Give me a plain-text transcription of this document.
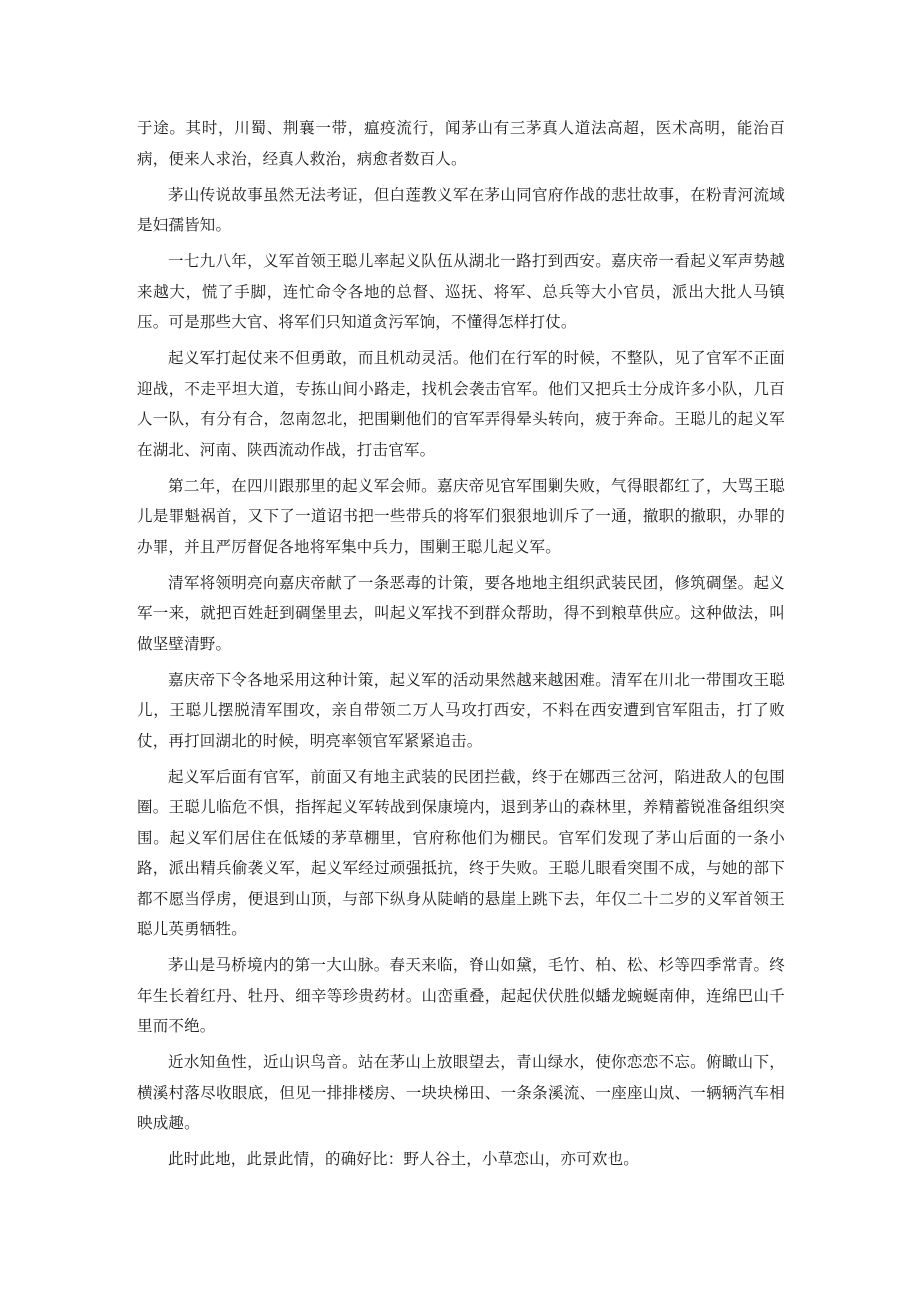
于途。其时，川蜀、荆襄一带，瘟疫流行，闻茅山有三茅真人道法高超，医术高明，能治百病，便来人求治，经真人救治，病愈者数百人。

茅山传说故事虽然无法考证，但白莲教义军在茅山同官府作战的悲壮故事，在粉青河流域是妇孺皆知。

一七九八年，义军首领王聪儿率起义队伍从湖北一路打到西安。嘉庆帝一看起义军声势越来越大，慌了手脚，连忙命令各地的总督、巡抚、将军、总兵等大小官员，派出大批人马镇压。可是那些大官、将军们只知道贪污军饷，不懂得怎样打仗。

起义军打起仗来不但勇敢，而且机动灵活。他们在行军的时候，不整队，见了官军不正面迎战，不走平坦大道，专拣山间小路走，找机会袭击官军。他们又把兵士分成许多小队，几百人一队，有分有合，忽南忽北，把围剿他们的官军弄得晕头转向，疲于奔命。王聪儿的起义军在湖北、河南、陕西流动作战，打击官军。

第二年，在四川跟那里的起义军会师。嘉庆帝见官军围剿失败，气得眼都红了，大骂王聪儿是罪魁祸首，又下了一道诏书把一些带兵的将军们狠狠地训斥了一通，撤职的撤职，办罪的办罪，并且严厉督促各地将军集中兵力，围剿王聪儿起义军。

清军将领明亮向嘉庆帝献了一条恶毒的计策，要各地地主组织武装民团，修筑碉堡。起义军一来，就把百姓赶到碉堡里去，叫起义军找不到群众帮助，得不到粮草供应。这种做法，叫做坚壁清野。

嘉庆帝下令各地采用这种计策，起义军的活动果然越来越困难。清军在川北一带围攻王聪儿，王聪儿摆脱清军围攻，亲自带领二万人马攻打西安，不料在西安遭到官军阻击，打了败仗，再打回湖北的时候，明亮率领官军紧紧追击。

起义军后面有官军，前面又有地主武装的民团拦截，终于在娜西三岔河，陷进敌人的包围圈。王聪儿临危不惧，指挥起义军转战到保康境内，退到茅山的森林里，养精蓄锐准备组织突围。起义军们居住在低矮的茅草棚里，官府称他们为棚民。官军们发现了茅山后面的一条小路，派出精兵偷袭义军，起义军经过顽强抵抗，终于失败。王聪儿眼看突围不成，与她的部下都不愿当俘虏，便退到山顶，与部下纵身从陡峭的悬崖上跳下去，年仅二十二岁的义军首领王聪儿英勇牺牲。

茅山是马桥境内的第一大山脉。春天来临，脊山如黛，毛竹、柏、松、杉等四季常青。终年生长着红丹、牡丹、细辛等珍贵药材。山峦重叠，起起伏伏胜似蟠龙蜿蜒南伸，连绵巴山千里而不绝。

近水知鱼性，近山识鸟音。站在茅山上放眼望去，青山绿水，使你恋恋不忘。俯瞰山下，横溪村落尽收眼底，但见一排排楼房、一块块梯田、一条条溪流、一座座山岚、一辆辆汽车相映成趣。

此时此地，此景此情，的确好比：野人谷土，小草恋山，亦可欢也。
